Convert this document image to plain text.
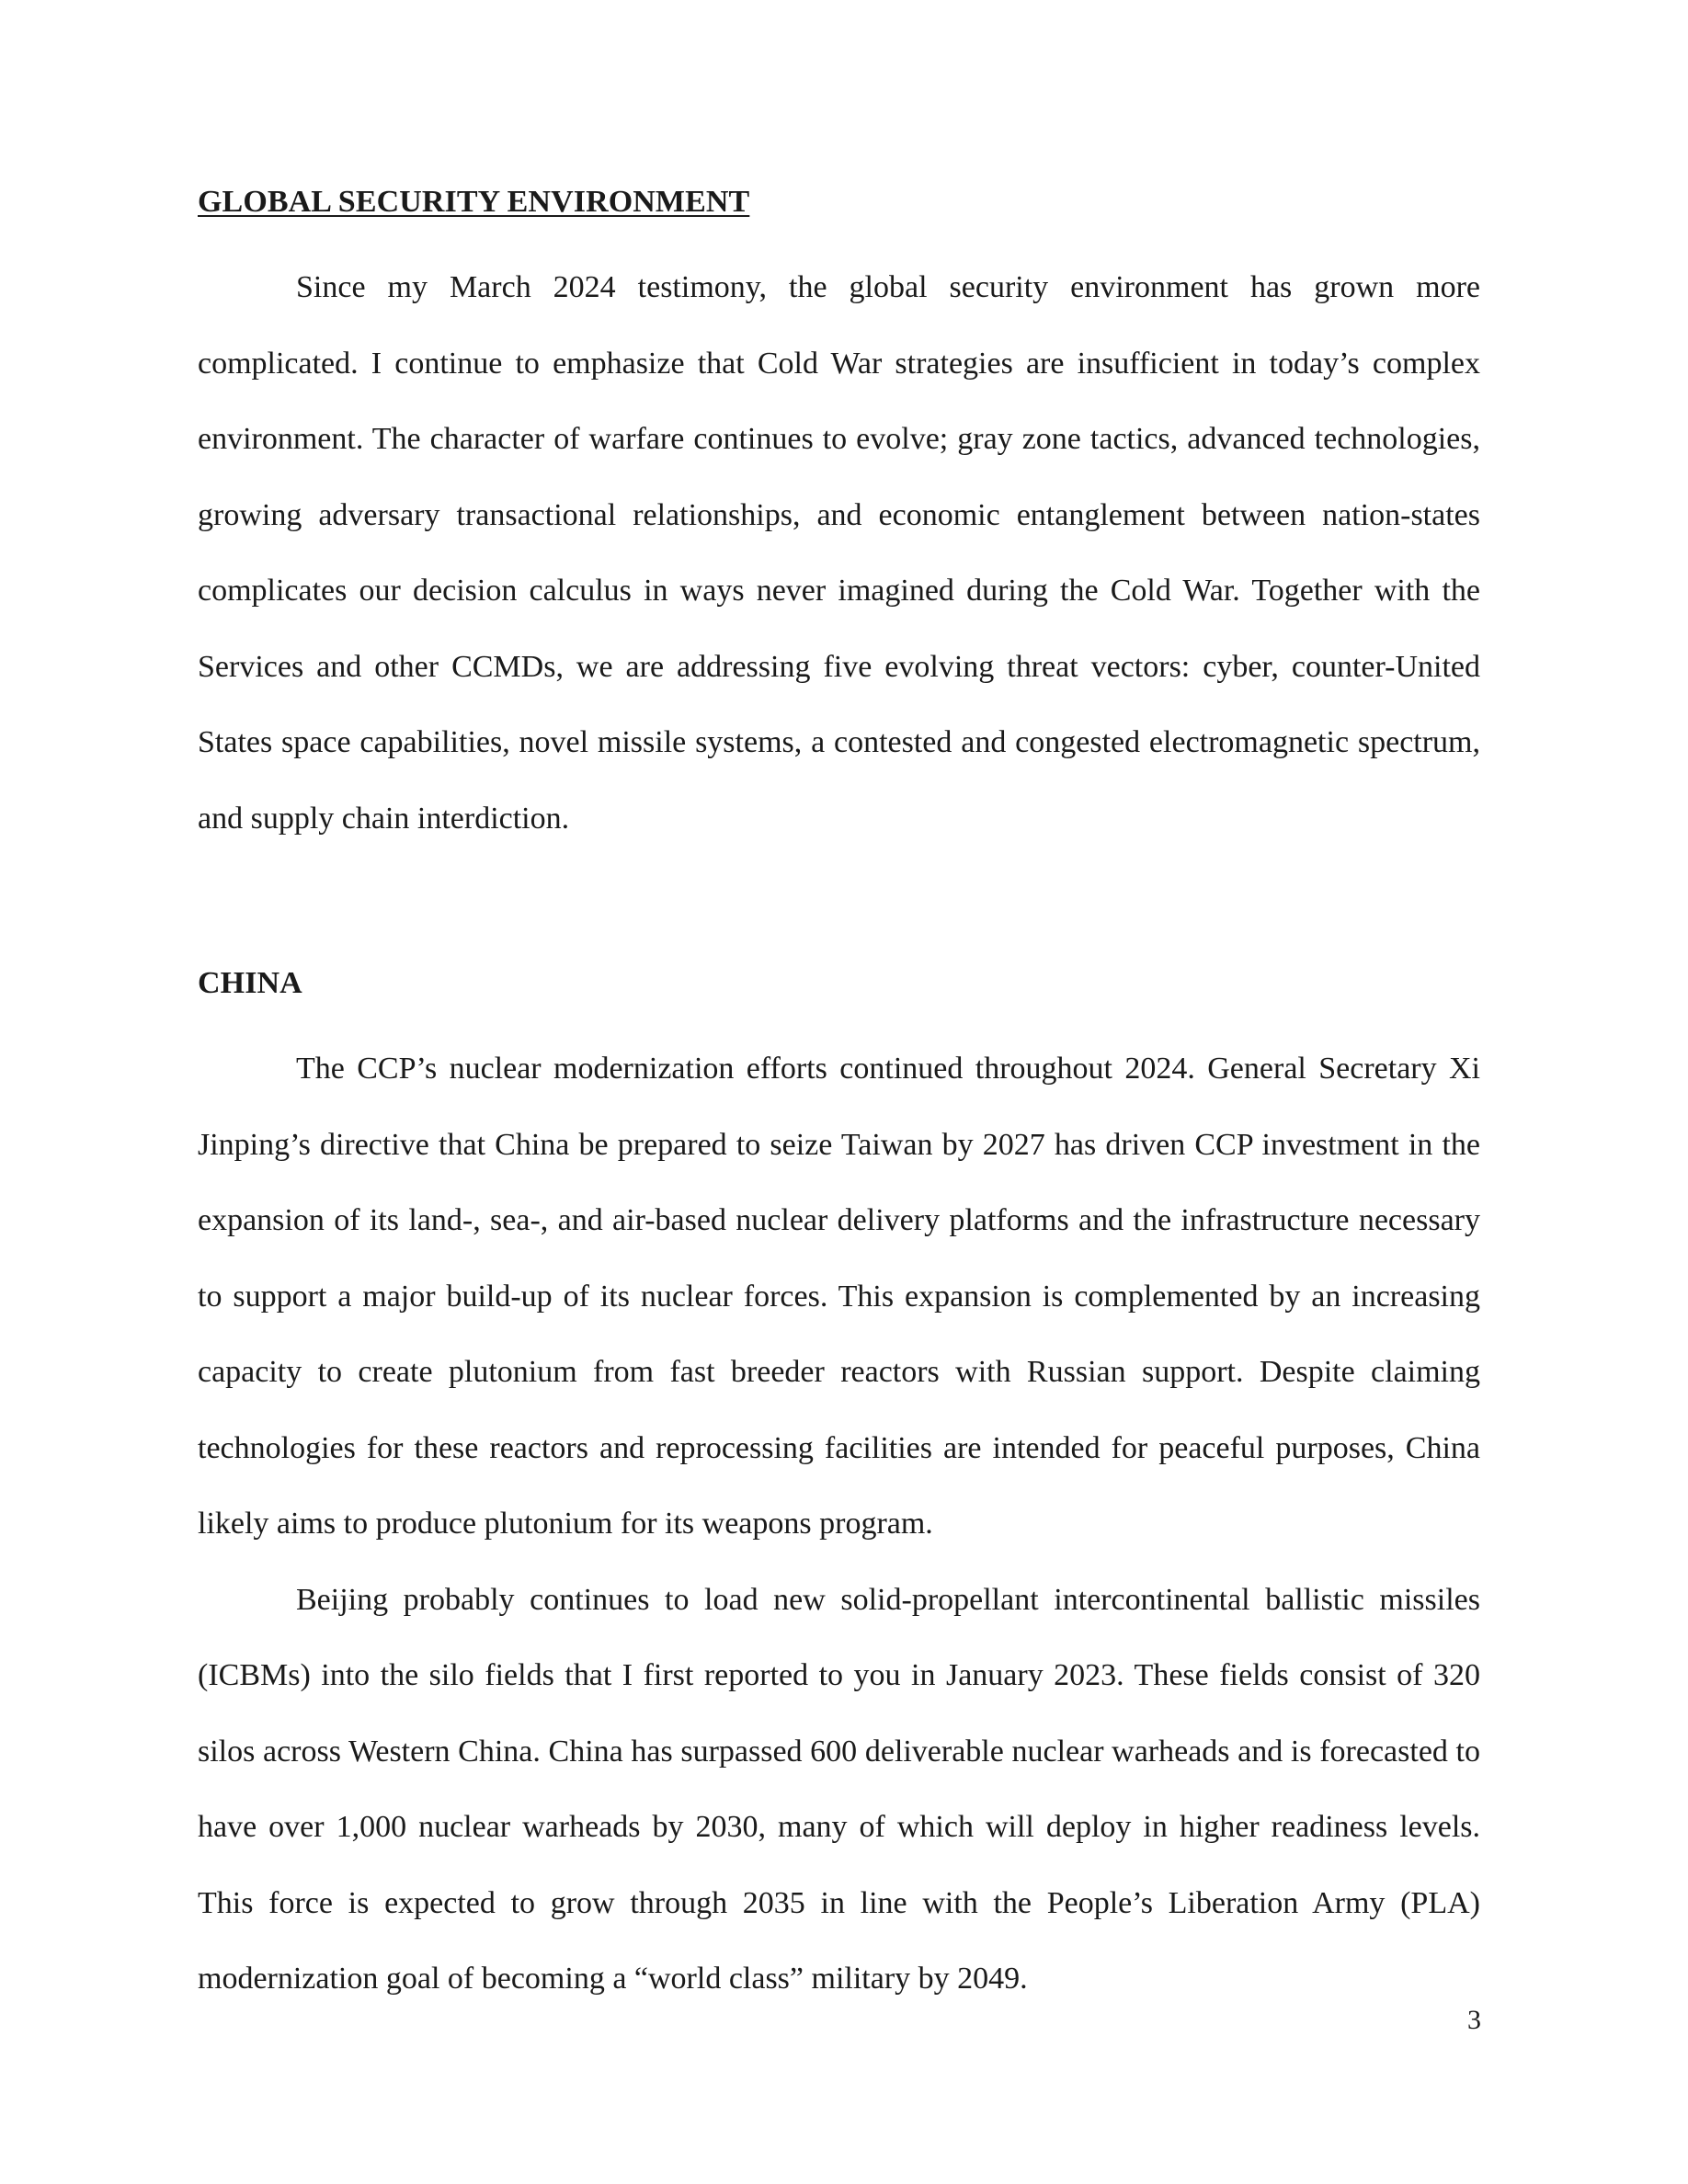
GLOBAL SECURITY ENVIRONMENT

Since my March 2024 testimony, the global security environment has grown more complicated. I continue to emphasize that Cold War strategies are insufficient in today’s complex environment. The character of warfare continues to evolve; gray zone tactics, advanced technologies, growing adversary transactional relationships, and economic entanglement between nation-states complicates our decision calculus in ways never imagined during the Cold War. Together with the Services and other CCMDs, we are addressing five evolving threat vectors: cyber, counter-United States space capabilities, novel missile systems, a contested and congested electromagnetic spectrum, and supply chain interdiction.

CHINA

The CCP’s nuclear modernization efforts continued throughout 2024. General Secretary Xi Jinping’s directive that China be prepared to seize Taiwan by 2027 has driven CCP investment in the expansion of its land-, sea-, and air-based nuclear delivery platforms and the infrastructure necessary to support a major build-up of its nuclear forces. This expansion is complemented by an increasing capacity to create plutonium from fast breeder reactors with Russian support. Despite claiming technologies for these reactors and reprocessing facilities are intended for peaceful purposes, China likely aims to produce plutonium for its weapons program.

Beijing probably continues to load new solid-propellant intercontinental ballistic missiles (ICBMs) into the silo fields that I first reported to you in January 2023. These fields consist of 320 silos across Western China. China has surpassed 600 deliverable nuclear warheads and is forecasted to have over 1,000 nuclear warheads by 2030, many of which will deploy in higher readiness levels. This force is expected to grow through 2035 in line with the People’s Liberation Army (PLA) modernization goal of becoming a “world class” military by 2049.

3
